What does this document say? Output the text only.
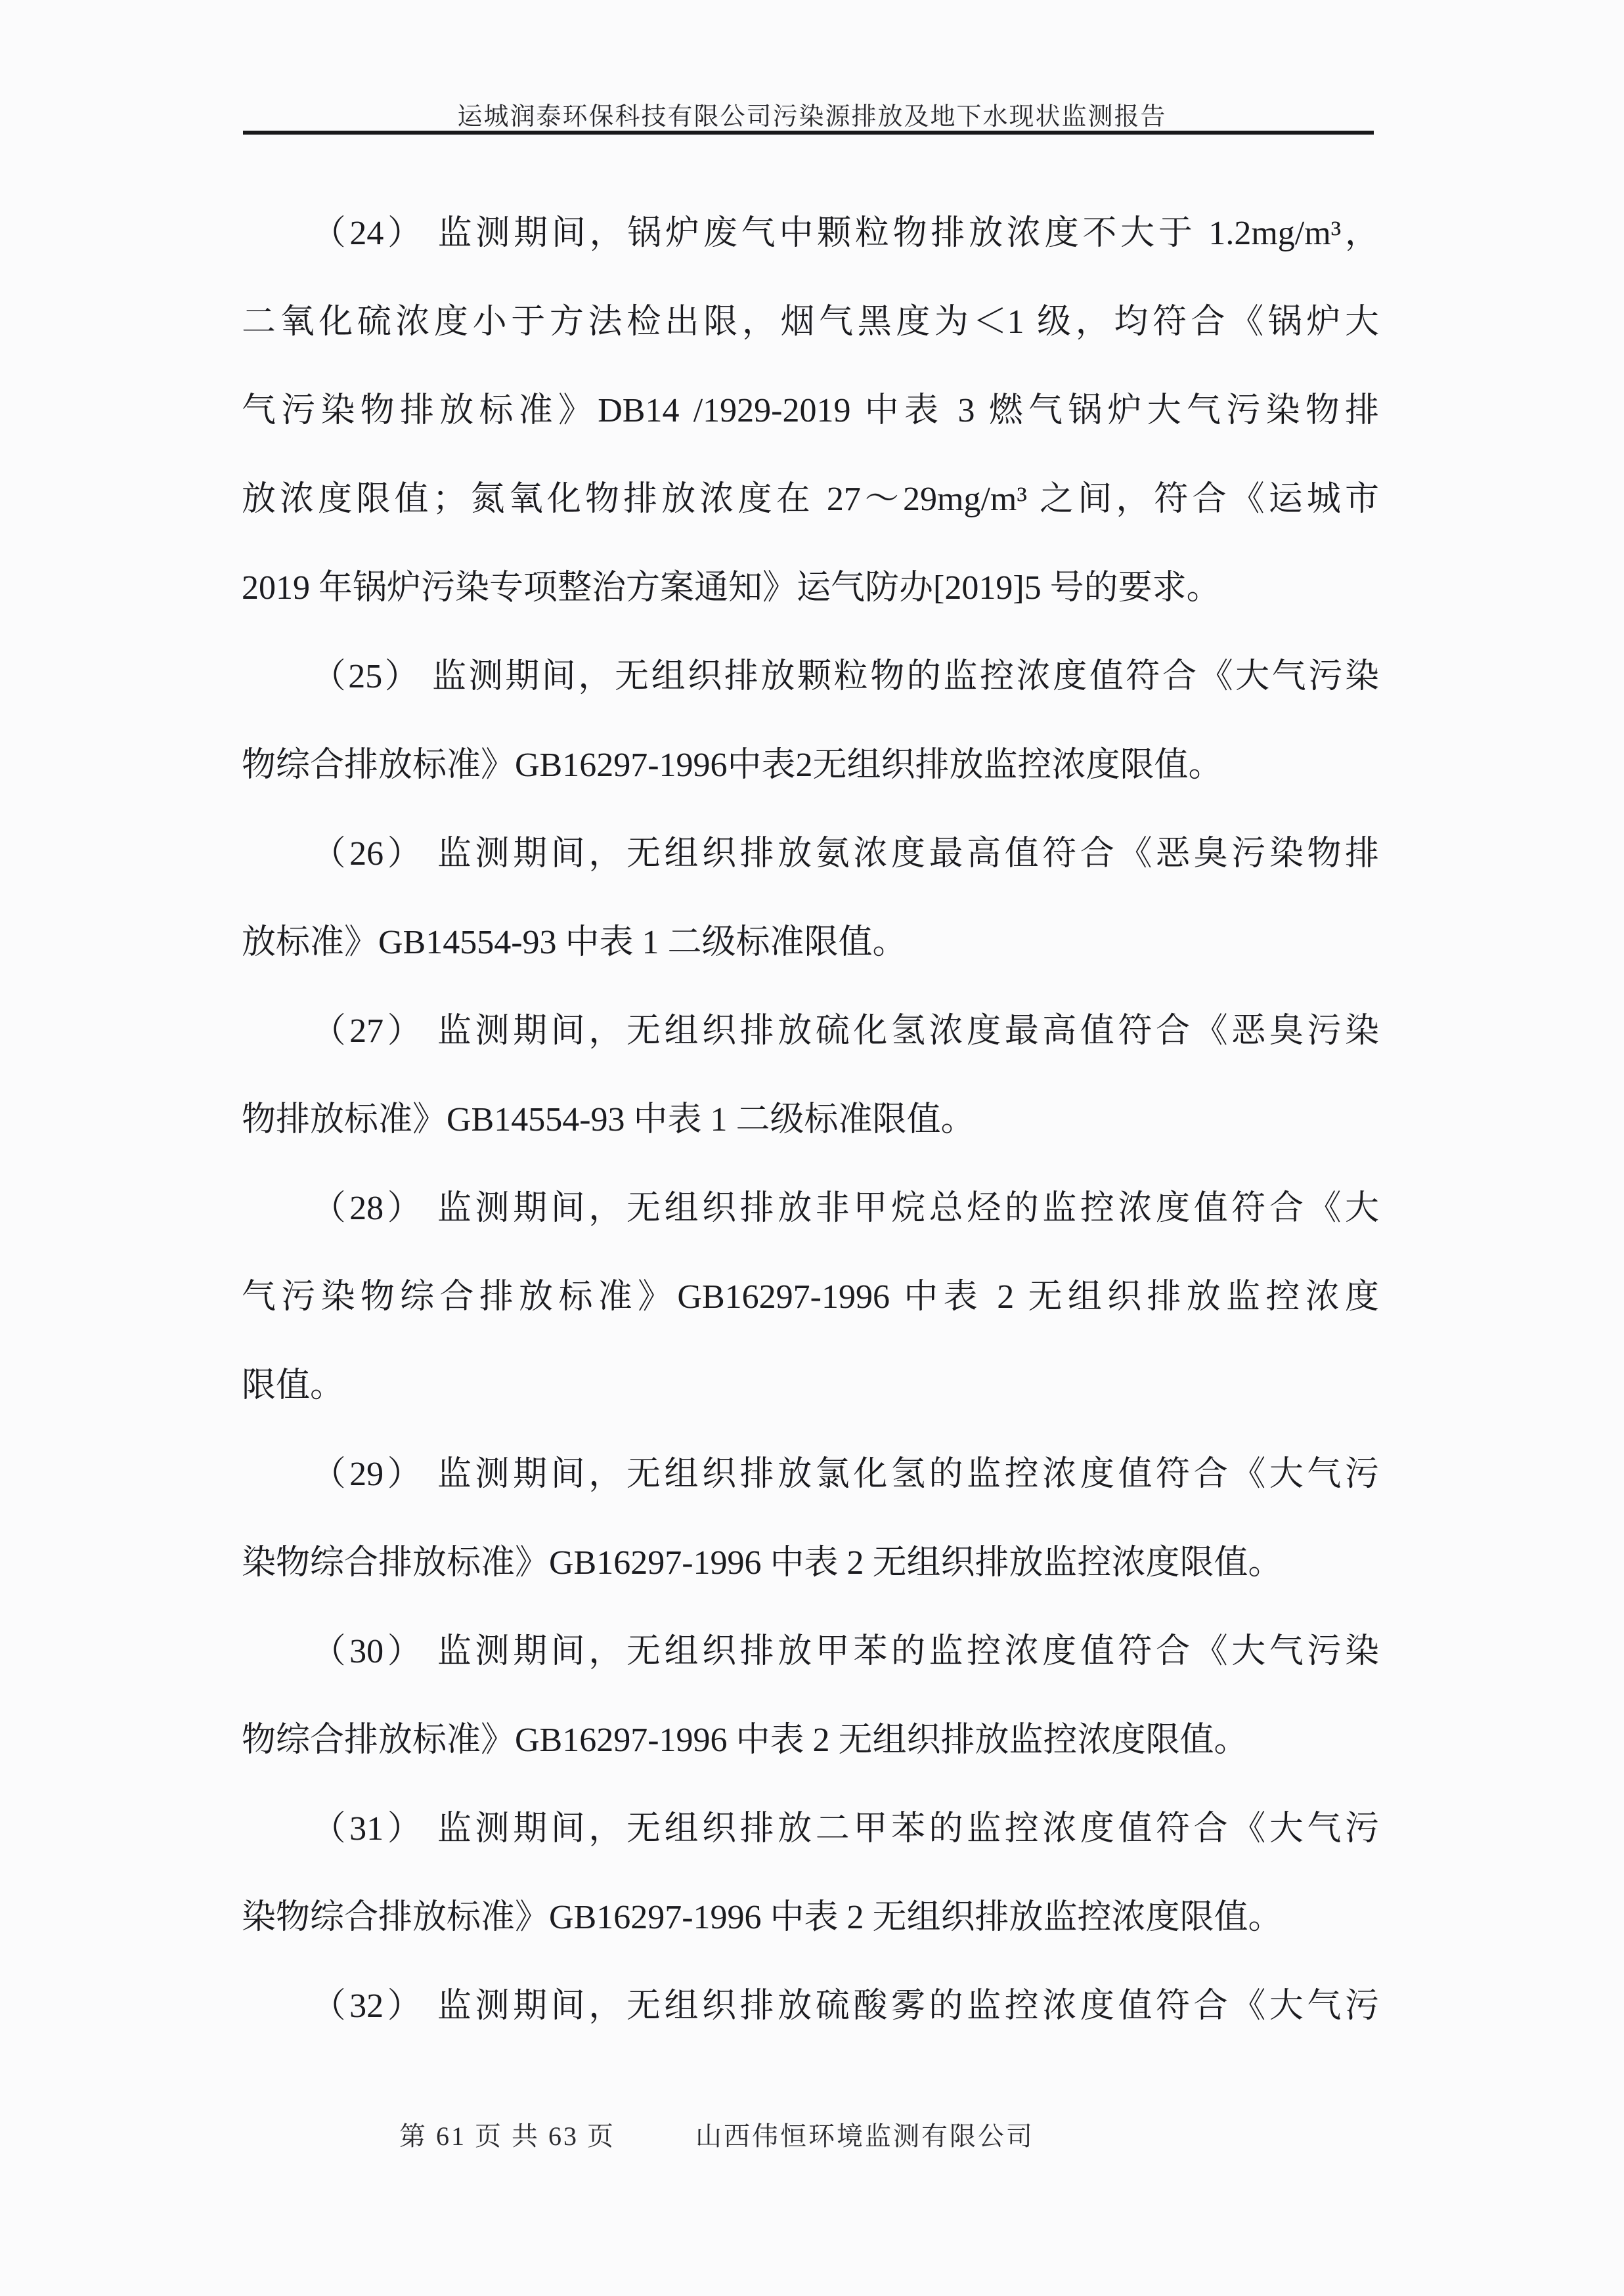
运城润泰环保科技有限公司污染源排放及地下水现状监测报告
（24） 监测期间，锅炉废气中颗粒物排放浓度不大于 1.2mg/m³，
二氧化硫浓度小于方法检出限，烟气黑度为＜1 级，均符合《锅炉大
气污染物排放标准》DB14 /1929-2019 中表 3 燃气锅炉大气污染物排
放浓度限值；氮氧化物排放浓度在 27～29mg/m³ 之间，符合《运城市
2019 年锅炉污染专项整治方案通知》运气防办[2019]5 号的要求。
（25） 监测期间，无组织排放颗粒物的监控浓度值符合《大气污染
物综合排放标准》GB16297-1996中表2无组织排放监控浓度限值。
（26） 监测期间，无组织排放氨浓度最高值符合《恶臭污染物排
放标准》GB14554-93 中表 1 二级标准限值。
（27） 监测期间，无组织排放硫化氢浓度最高值符合《恶臭污染
物排放标准》GB14554-93 中表 1 二级标准限值。
（28） 监测期间，无组织排放非甲烷总烃的监控浓度值符合《大
气污染物综合排放标准》GB16297-1996 中表 2 无组织排放监控浓度
限值。
（29） 监测期间，无组织排放氯化氢的监控浓度值符合《大气污
染物综合排放标准》GB16297-1996 中表 2 无组织排放监控浓度限值。
（30） 监测期间，无组织排放甲苯的监控浓度值符合《大气污染
物综合排放标准》GB16297-1996 中表 2 无组织排放监控浓度限值。
（31） 监测期间，无组织排放二甲苯的监控浓度值符合《大气污
染物综合排放标准》GB16297-1996 中表 2 无组织排放监控浓度限值。
（32） 监测期间，无组织排放硫酸雾的监控浓度值符合《大气污
第 61 页 共 63 页	山西伟恒环境监测有限公司
